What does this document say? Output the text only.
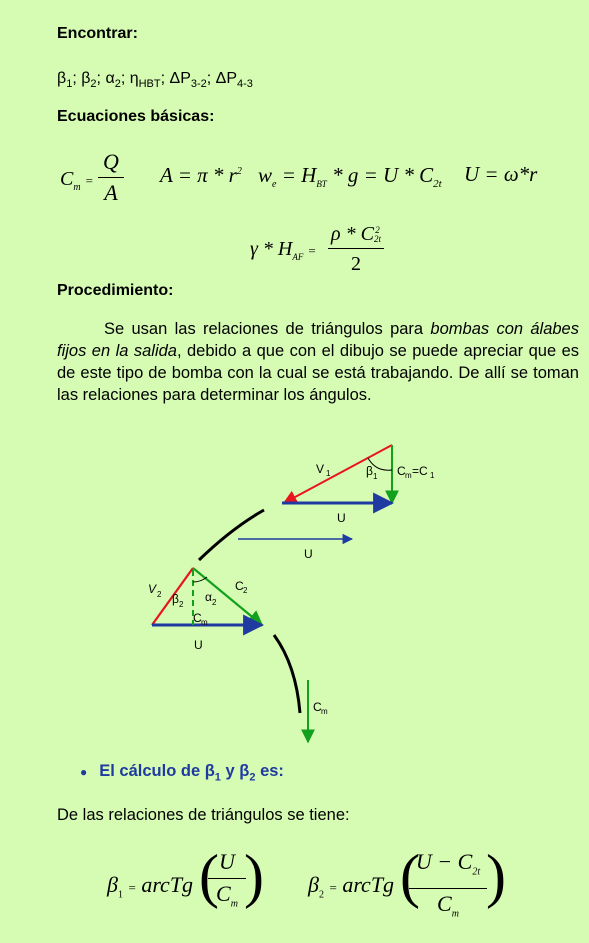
Encontrar:
$\beta_1$; $\beta_2$; $\alpha_2$; $\eta_{HBT}$; $\Delta P_{3-2}$; $\Delta P_{4-3}$
Ecuaciones básicas:
$C_m$ =
Q
A
$A = \pi * r^2$ $w_e = H_{BT} * g = U * C_{2t}$ U = ω*r
γ * $H_{AF}$ =
ρ * C 2
2t
2
Procedimiento:
Se usan las relaciones de triángulos para bombas con álabes fijos en la salida, debido a que con el dibujo se puede apreciar que es de este tipo de bomba con la cual se está trabajando. De allí se toman las relaciones para determinar los ángulos.
V 1	β 1 C m =C 1
U
U
V 2 β 2
α 2
C 2
C m
U
C m
● El cálculo de $\beta_1$ y $\beta_2$ es:
De las relaciones de triángulos se tiene:
$\beta_1$ = arcTg ( U
$C_m$ ) $\beta_2$ = arcTg (
$U - C_{2t}$
$C_m$
)
